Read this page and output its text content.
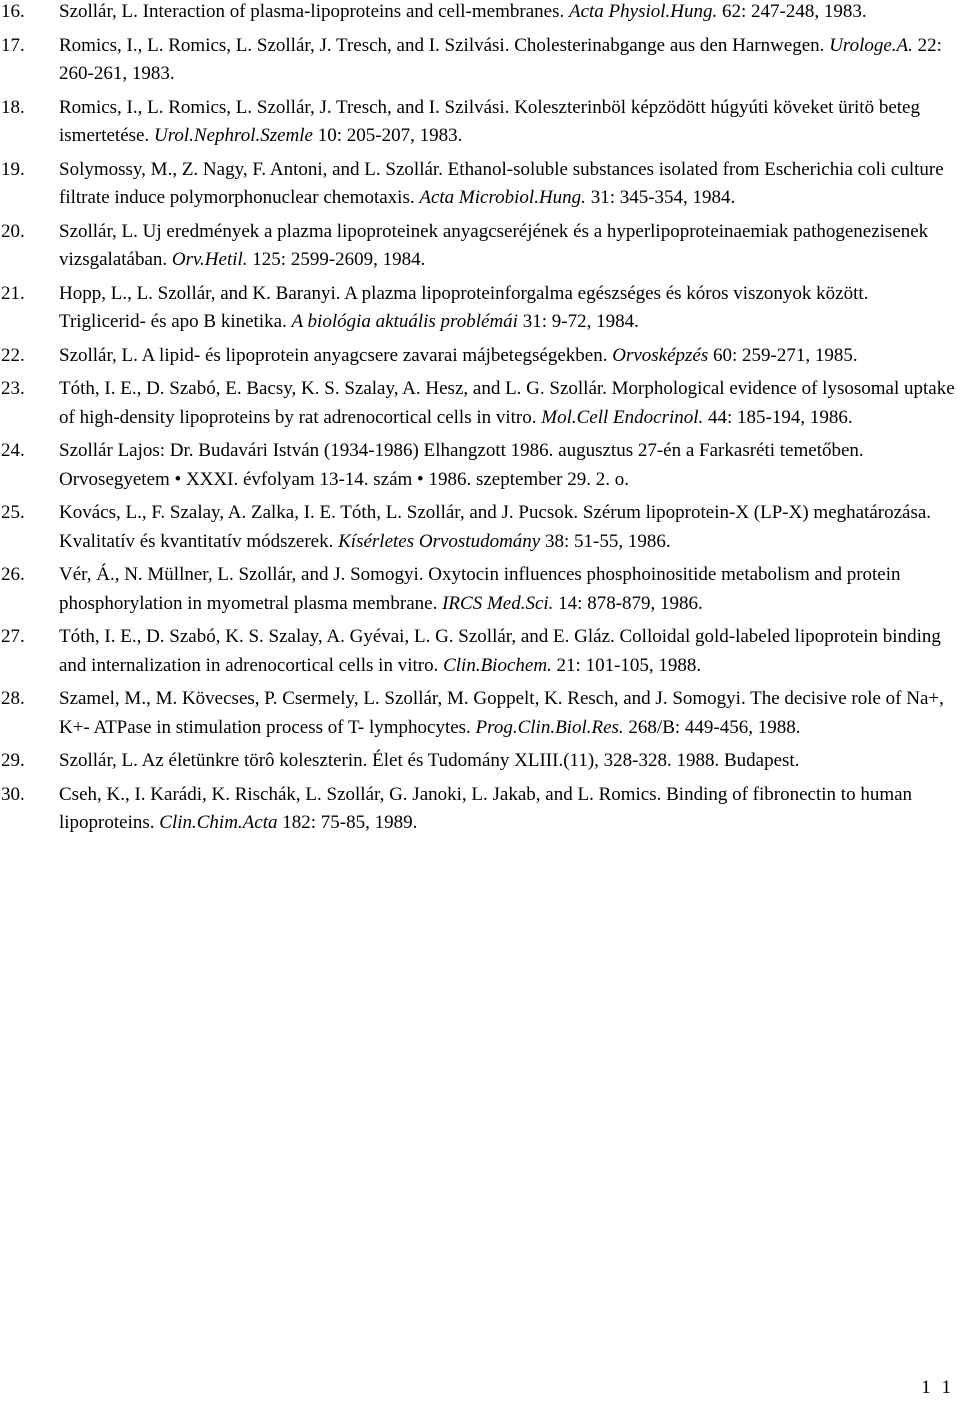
16. Szollár, L. Interaction of plasma-lipoproteins and cell-membranes. Acta Physiol.Hung. 62: 247-248, 1983.
17. Romics, I., L. Romics, L. Szollár, J. Tresch, and I. Szilvási. Cholesterinabgange aus den Harnwegen. Urologe.A. 22: 260-261, 1983.
18. Romics, I., L. Romics, L. Szollár, J. Tresch, and I. Szilvási. Koleszterinböl képzödött húgyúti köveket üritö beteg ismertetése. Urol.Nephrol.Szemle 10: 205-207, 1983.
19. Solymossy, M., Z. Nagy, F. Antoni, and L. Szollár. Ethanol-soluble substances isolated from Escherichia coli culture filtrate induce polymorphonuclear chemotaxis. Acta Microbiol.Hung. 31: 345-354, 1984.
20. Szollár, L. Uj eredmények a plazma lipoproteinek anyagcseréjének és a hyperlipoproteinaemiak pathogenezisenek vizsgalatában. Orv.Hetil. 125: 2599-2609, 1984.
21. Hopp, L., L. Szollár, and K. Baranyi. A plazma lipoproteinforgalma egészséges és kóros viszonyok között. Triglicerid- és apo B kinetika. A biológia aktuális problémái 31: 9-72, 1984.
22. Szollár, L. A lipid- és lipoprotein anyagcsere zavarai májbetegségekben. Orvosképzés 60: 259-271, 1985.
23. Tóth, I. E., D. Szabó, E. Bacsy, K. S. Szalay, A. Hesz, and L. G. Szollár. Morphological evidence of lysosomal uptake of high-density lipoproteins by rat adrenocortical cells in vitro. Mol.Cell Endocrinol. 44: 185-194, 1986.
24. Szollár Lajos: Dr. Budavári István (1934-1986) Elhangzott 1986. augusztus 27-én a Farkasréti temetőben. Orvosegyetem • XXXI. évfolyam 13-14. szám • 1986. szeptember 29. 2. o.
25. Kovács, L., F. Szalay, A. Zalka, I. E. Tóth, L. Szollár, and J. Pucsok. Szérum lipoprotein-X (LP-X) meghatározása. Kvalitatív és kvantitatív módszerek. Kísérletes Orvostudomány 38: 51-55, 1986.
26. Vér, Á., N. Müllner, L. Szollár, and J. Somogyi. Oxytocin influences phosphoinositide metabolism and protein phosphorylation in myometral plasma membrane. IRCS Med.Sci. 14: 878-879, 1986.
27. Tóth, I. E., D. Szabó, K. S. Szalay, A. Gyévai, L. G. Szollár, and E. Gláz. Colloidal gold-labeled lipoprotein binding and internalization in adrenocortical cells in vitro. Clin.Biochem. 21: 101-105, 1988.
28. Szamel, M., M. Kövecses, P. Csermely, L. Szollár, M. Goppelt, K. Resch, and J. Somogyi. The decisive role of Na+, K+- ATPase in stimulation process of T- lymphocytes. Prog.Clin.Biol.Res. 268/B: 449-456, 1988.
29. Szollár, L. Az életünkre törô koleszterin. Élet és Tudomány XLIII.(11), 328-328. 1988. Budapest.
30. Cseh, K., I. Karádi, K. Rischák, L. Szollár, G. Janoki, L. Jakab, and L. Romics. Binding of fibronectin to human lipoproteins. Clin.Chim.Acta 182: 75-85, 1989.
1 1
